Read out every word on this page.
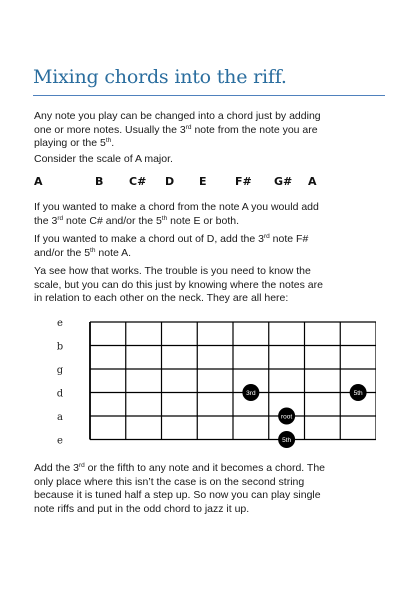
Mixing chords into the riff.

Any note you play can be changed into a chord just by adding
one or more notes. Usually the 3rd note from the note you are
playing or the 5th.

Consider the scale of A major.

A	B C# D E	F# G# A

If you wanted to make a chord from the note A you would add
the 3rd note C# and/or the 5th note E or both.

If you wanted to make a chord out of D, add the 3rd note F#
and/or the 5th note A.

Ya see how that works. The trouble is you need to know the
scale, but you can do this just by knowing where the notes are
in relation to each other on the neck. They are all here:

e
b
g
d
a
e
3rd	5th
root
5th

Add the 3rd or the fifth to any note and it becomes a chord. The
only place where this isn’t the case is on the second string
because it is tuned half a step up. So now you can play single
note riffs and put in the odd chord to jazz it up.
